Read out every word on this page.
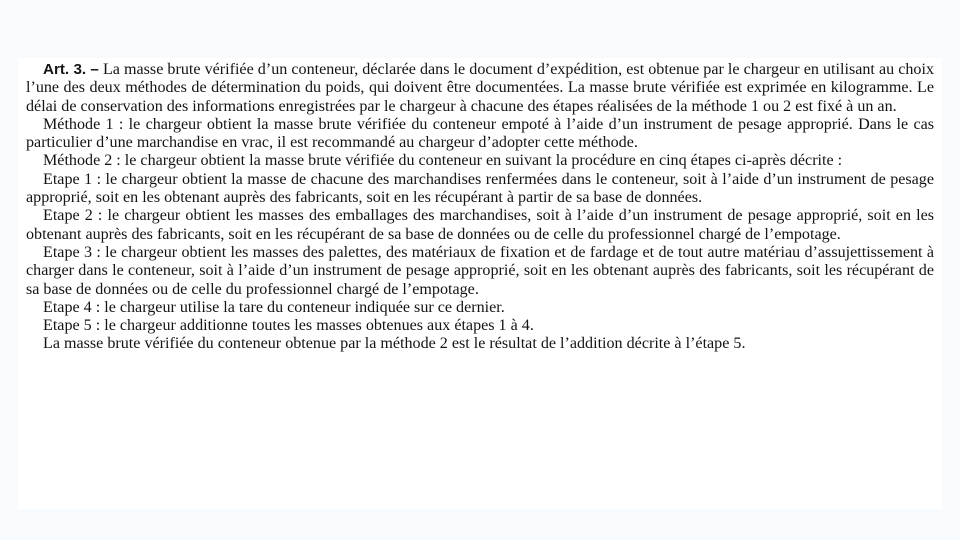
Art. 3. – La masse brute vérifiée d’un conteneur, déclarée dans le document d’expédition, est obtenue par le chargeur en utilisant au choix l’une des deux méthodes de détermination du poids, qui doivent être documentées. La masse brute vérifiée est exprimée en kilogramme. Le délai de conservation des informations enregistrées par le chargeur à chacune des étapes réalisées de la méthode 1 ou 2 est fixé à un an.

Méthode 1 : le chargeur obtient la masse brute vérifiée du conteneur empoté à l’aide d’un instrument de pesage approprié. Dans le cas particulier d’une marchandise en vrac, il est recommandé au chargeur d’adopter cette méthode.

Méthode 2 : le chargeur obtient la masse brute vérifiée du conteneur en suivant la procédure en cinq étapes ci-après décrite :

Etape 1 : le chargeur obtient la masse de chacune des marchandises renfermées dans le conteneur, soit à l’aide d’un instrument de pesage approprié, soit en les obtenant auprès des fabricants, soit en les récupérant à partir de sa base de données.

Etape 2 : le chargeur obtient les masses des emballages des marchandises, soit à l’aide d’un instrument de pesage approprié, soit en les obtenant auprès des fabricants, soit en les récupérant de sa base de données ou de celle du professionnel chargé de l’empotage.

Etape 3 : le chargeur obtient les masses des palettes, des matériaux de fixation et de fardage et de tout autre matériau d’assujettissement à charger dans le conteneur, soit à l’aide d’un instrument de pesage approprié, soit en les obtenant auprès des fabricants, soit les récupérant de sa base de données ou de celle du professionnel chargé de l’empotage.

Etape 4 : le chargeur utilise la tare du conteneur indiquée sur ce dernier.

Etape 5 : le chargeur additionne toutes les masses obtenues aux étapes 1 à 4.

La masse brute vérifiée du conteneur obtenue par la méthode 2 est le résultat de l’addition décrite à l’étape 5.
